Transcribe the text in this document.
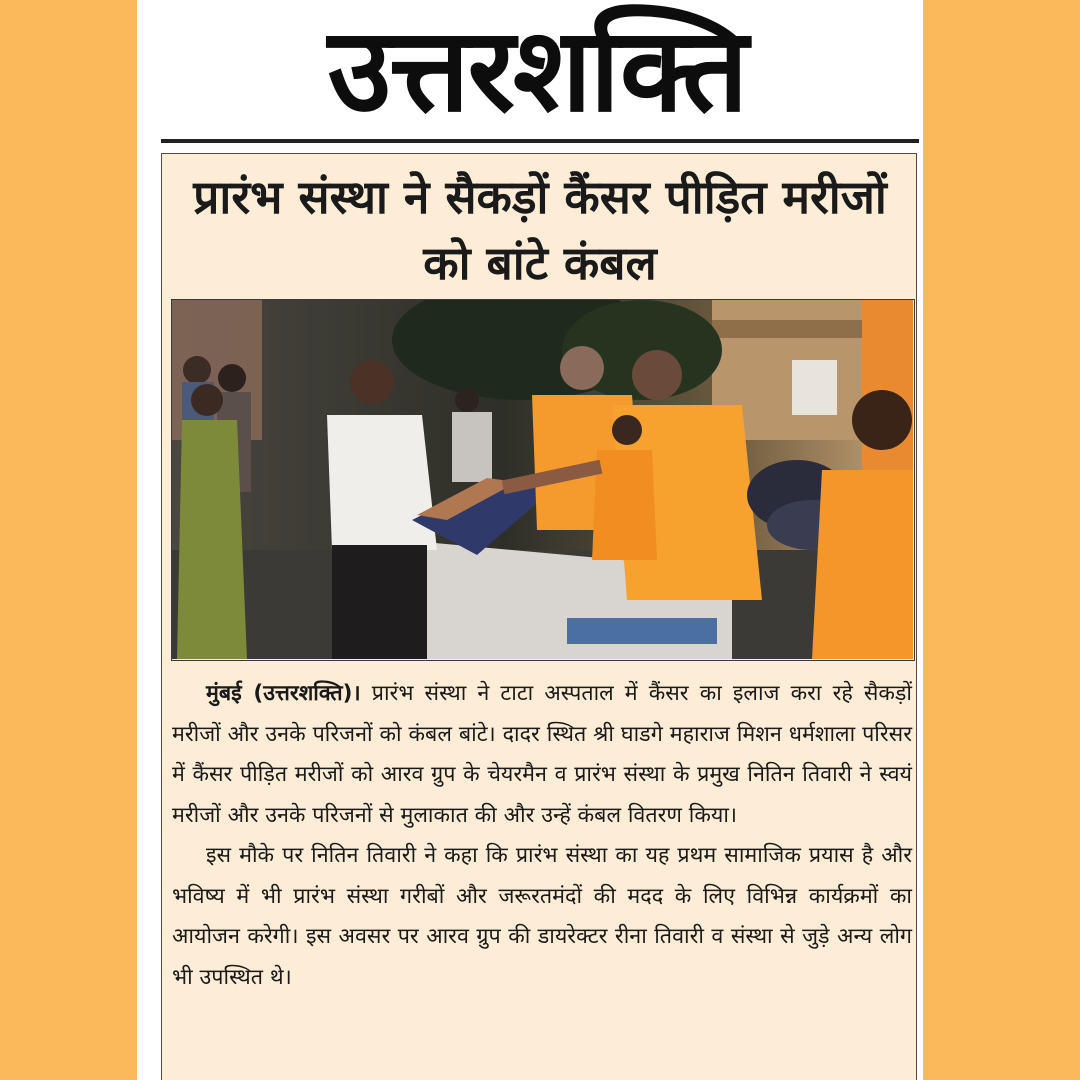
उत्तरशक्ति
प्रारंभ संस्था ने सैकड़ों कैंसर पीड़ित मरीजों
को बांटे कंबल

मुंबई (उत्तरशक्ति)। प्रारंभ संस्था ने टाटा अस्पताल में कैंसर का इलाज करा रहे सैकड़ों मरीजों और उनके परिजनों को कंबल बांटे। दादर स्थित श्री घाडगे महाराज मिशन धर्मशाला परिसर में कैंसर पीड़ित मरीजों को आरव ग्रुप के चेयरमैन व प्रारंभ संस्था के प्रमुख नितिन तिवारी ने स्वयं मरीजों और उनके परिजनों से मुलाकात की और उन्हें कंबल वितरण किया।

इस मौके पर नितिन तिवारी ने कहा कि प्रारंभ संस्था का यह प्रथम सामाजिक प्रयास है और भविष्य में भी प्रारंभ संस्था गरीबों और जरूरतमंदों की मदद के लिए विभिन्न कार्यक्रमों का आयोजन करेगी। इस अवसर पर आरव ग्रुप की डायरेक्टर रीना तिवारी व संस्था से जुड़े अन्य लोग भी उपस्थित थे।
